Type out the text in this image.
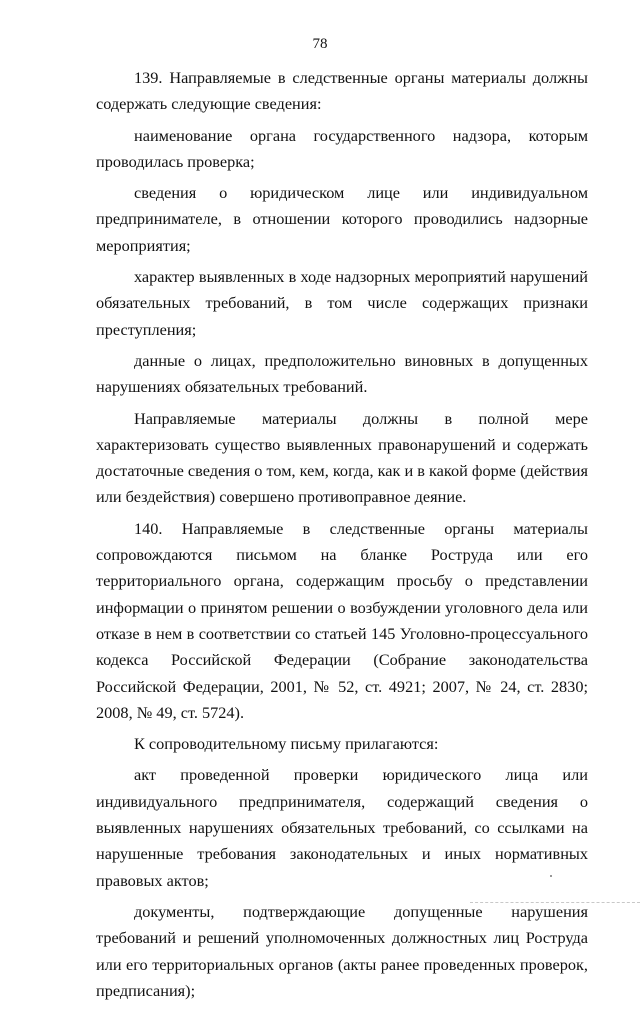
78

139. Направляемые в следственные органы материалы должны содержать следующие сведения:

наименование органа государственного надзора, которым проводилась проверка;

сведения о юридическом лице или индивидуальном предпринимателе, в отношении которого проводились надзорные мероприятия;

характер выявленных в ходе надзорных мероприятий нарушений обязательных требований, в том числе содержащих признаки преступления;

данные о лицах, предположительно виновных в допущенных нарушениях обязательных требований.

Направляемые материалы должны в полной мере характеризовать существо выявленных правонарушений и содержать достаточные сведения о том, кем, когда, как и в какой форме (действия или бездействия) совершено противоправное деяние.

140. Направляемые в следственные органы материалы сопровождаются письмом на бланке Роструда или его территориального органа, содержащим просьбу о представлении информации о принятом решении о возбуждении уголовного дела или отказе в нем в соответствии со статьей 145 Уголовно-процессуального кодекса Российской Федерации (Собрание законодательства Российской Федерации, 2001, № 52, ст. 4921; 2007, № 24, ст. 2830; 2008, № 49, ст. 5724).

К сопроводительному письму прилагаются:

акт проведенной проверки юридического лица или индивидуального предпринимателя, содержащий сведения о выявленных нарушениях обязательных требований, со ссылками на нарушенные требования законодательных и иных нормативных правовых актов;

документы, подтверждающие допущенные нарушения требований и решений уполномоченных должностных лиц Роструда или его территориальных органов (акты ранее проведенных проверок, предписания);
